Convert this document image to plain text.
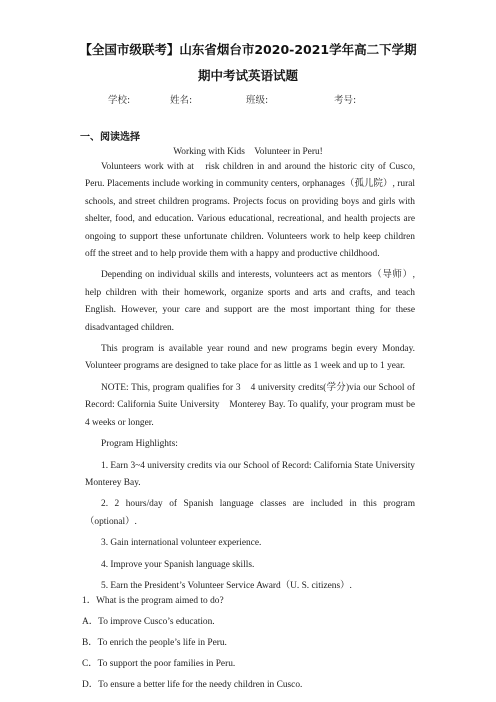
【全国市级联考】山东省烟台市2020-2021学年高二下学期
期中考试英语试题
学校:	姓名:	班级:	考号:
一、阅读选择
Working with Kids　Volunteer in Peru!

Volunteers work with at　risk children in and around the historic city of Cusco, Peru. Placements include working in community centers, orphanages（孤儿院）, rural schools, and street children programs. Projects focus on providing boys and girls with shelter, food, and education. Various educational, recreational, and health projects are ongoing to support these unfortunate children. Volunteers work to help keep children off the street and to help provide them with a happy and productive childhood.

Depending on individual skills and interests, volunteers act as mentors（导师）, help children with their homework, organize sports and arts and crafts, and teach English. However, your care and support are the most important thing for these disadvantaged children.

This program is available year round and new programs begin every Monday. Volunteer programs are designed to take place for as little as 1 week and up to 1 year.

NOTE: This, program qualifies for 3　4 university credits(学分)via our School of Record: California Suite University　Monterey Bay. To qualify, your program must be 4 weeks or longer.

Program Highlights:

1. Earn 3~4 university credits via our School of Record: California State University Monterey Bay.

2. 2 hours/day of Spanish language classes are included in this program（optional）.

3. Gain international volunteer experience.

4. Improve your Spanish language skills.

5. Earn the President’s Volunteer Service Award（U. S. citizens）.

1．What is the program aimed to do?
A．To improve Cusco’s education.
B．To enrich the people’s life in Peru.
C．To support the poor families in Peru.
D．To ensure a better life for the needy children in Cusco.
